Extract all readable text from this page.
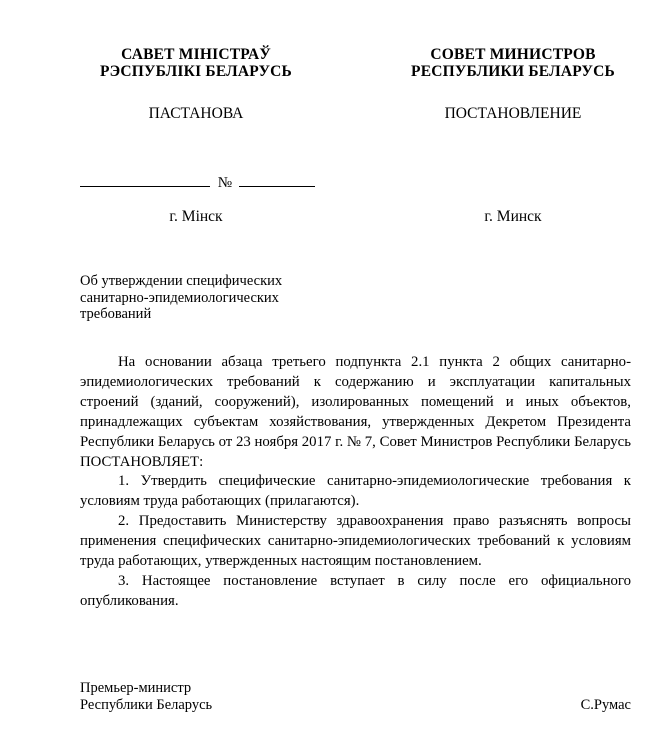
САВЕТ МІНІСТРАЎ
РЭСПУБЛІКІ БЕЛАРУСЬ
СОВЕТ МИНИСТРОВ
РЕСПУБЛИКИ БЕЛАРУСЬ
ПАСТАНОВА	ПОСТАНОВЛЕНИЕ
№
г. Мінск	г. Минск
Об утверждении специфических
санитарно-эпидемиологических
требований

На основании абзаца третьего подпункта 2.1 пункта 2 общих санитарно-эпидемиологических требований к содержанию и эксплуатации капитальных строений (зданий, сооружений), изолированных помещений и иных объектов, принадлежащих субъектам хозяйствования, утвержденных Декретом Президента Республики Беларусь от 23 ноября 2017 г. № 7, Совет Министров Республики Беларусь ПОСТАНОВЛЯЕТ:

1. Утвердить специфические санитарно-эпидемиологические требования к условиям труда работающих (прилагаются).

2. Предоставить Министерству здравоохранения право разъяснять вопросы применения специфических санитарно-эпидемиологических требований к условиям труда работающих, утвержденных настоящим постановлением.

3. Настоящее постановление вступает в силу после его официального опубликования.

Премьер-министр
Республики Беларусь	С.Румас
